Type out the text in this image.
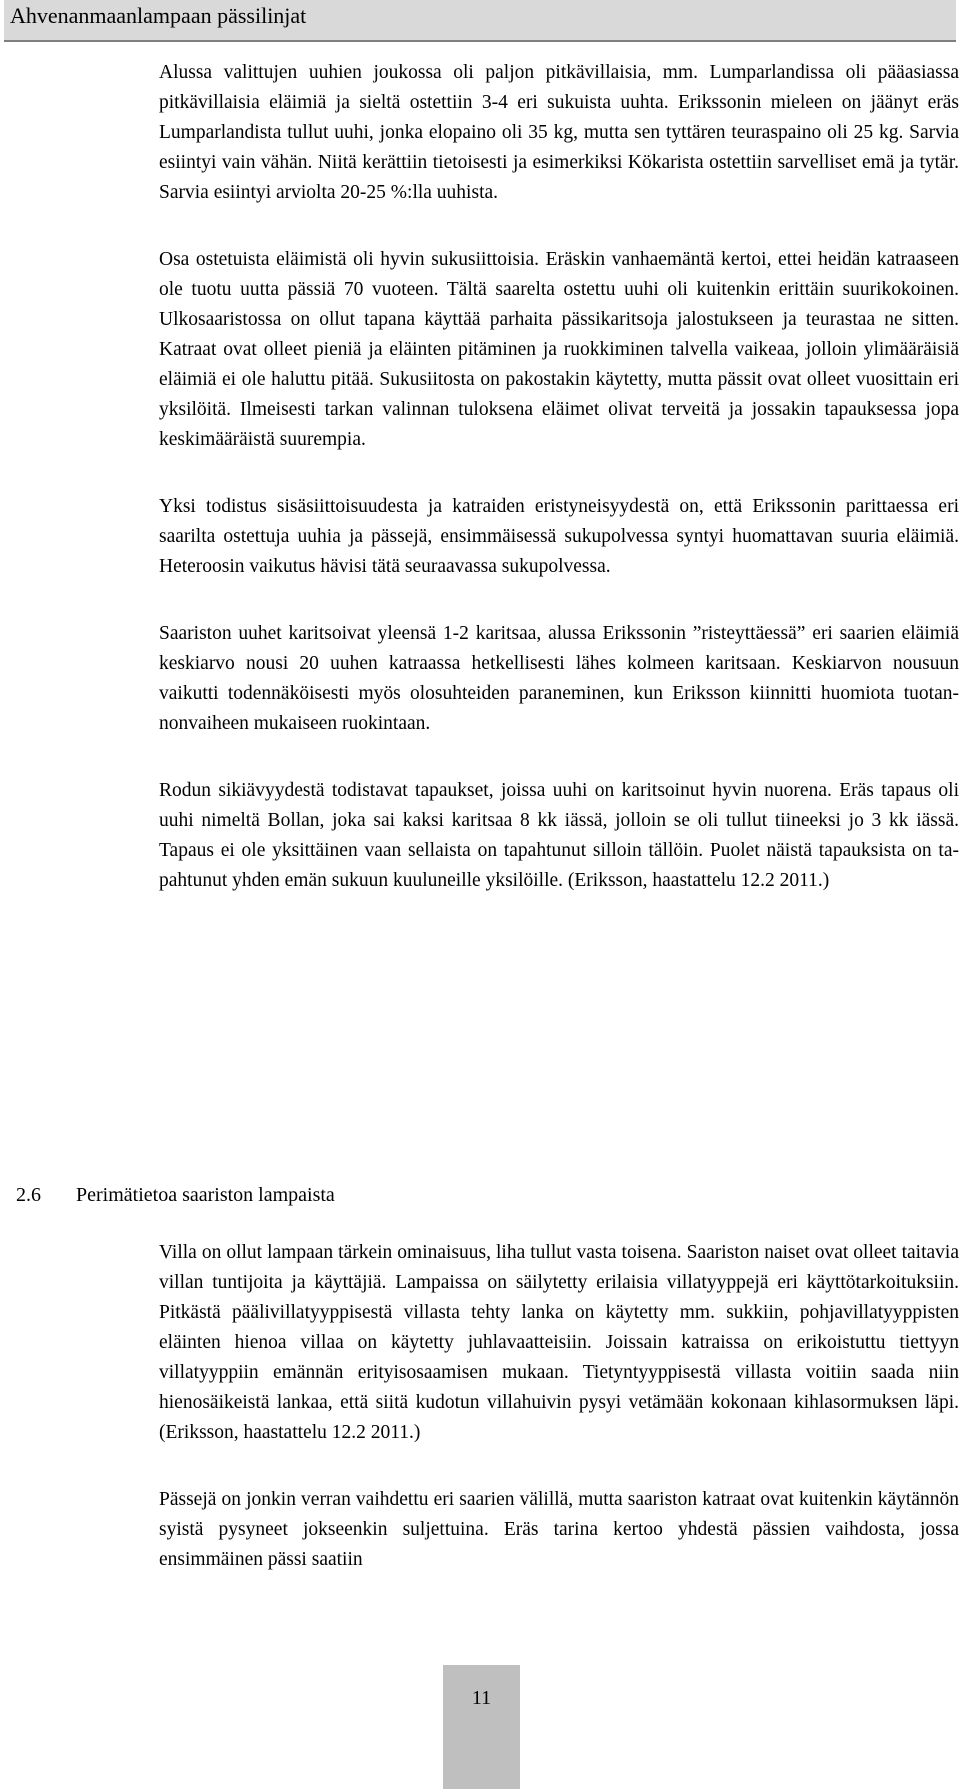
Ahvenanmaanlampaan pässilinjat

Alussa valittujen uuhien joukossa oli paljon pitkävillaisia, mm. Lumparlandissa oli pääasiassa pitkävillaisia eläimiä ja sieltä ostettiin 3-4 eri sukuista uuhta. Erikssonin mieleen on jäänyt eräs Lumparlandista tullut uuhi, jonka elopaino oli 35 kg, mutta sen tyttären teuraspaino oli 25 kg. Sarvia esiintyi vain vähän. Niitä kerättiin tietoisesti ja esimerkiksi Kökarista ostettiin sarvelliset emä ja tytär. Sarvia esiintyi arviolta 20-25 %:lla uuhista.

Osa ostetuista eläimistä oli hyvin sukusiittoisia. Eräskin vanhaemäntä kertoi, ettei heidän katraaseen ole tuotu uutta pässiä 70 vuoteen. Tältä saarelta ostettu uuhi oli kuitenkin erittäin suurikokoinen. Ulkosaaristossa on ollut tapana käyttää parhaita pässikaritsoja jalostukseen ja teurastaa ne sitten. Katraat ovat olleet pieniä ja eläinten pitäminen ja ruokkiminen talvella vaikeaa, jolloin ylimääräisiä eläimiä ei ole haluttu pitää. Sukusiitosta on pakostakin käytetty, mutta pässit ovat olleet vuosittain eri yksilöitä. Ilmeisesti tarkan valinnan tuloksena eläimet olivat terveitä ja jossakin tapauksessa jopa keskimääräistä suurempia.

Yksi todistus sisäsiittoisuudesta ja katraiden eristyneisyydestä on, että Erikssonin parittaessa eri saarilta ostettuja uuhia ja pässejä, ensimmäisessä sukupolvessa syntyi huomattavan suuria eläimiä. Heteroosin vaikutus hävisi tätä seuraavassa sukupolvessa.

Saariston uuhet karitsoivat yleensä 1-2 karitsaa, alussa Erikssonin ”risteyttäessä” eri saarien eläimiä keskiarvo nousi 20 uuhen katraassa hetkellisesti lähes kolmeen karitsaan. Keskiarvon nousuun vaikutti todennäköisesti myös olosuhteiden paraneminen, kun Eriksson kiinnitti huomiota tuotannonvaiheen mukaiseen ruokintaan.

Rodun sikiävyydestä todistavat tapaukset, joissa uuhi on karitsoinut hyvin nuorena. Eräs tapaus oli uuhi nimeltä Bollan, joka sai kaksi karitsaa 8 kk iässä, jolloin se oli tullut tiineeksi jo 3 kk iässä. Tapaus ei ole yksittäinen vaan sellaista on tapahtunut silloin tällöin. Puolet näistä tapauksista on tapahtunut yhden emän sukuun kuuluneille yksilöille. (Eriksson, haastattelu 12.2 2011.)

2.6	Perimätietoa saariston lampaista

Villa on ollut lampaan tärkein ominaisuus, liha tullut vasta toisena. Saariston naiset ovat olleet taitavia villan tuntijoita ja käyttäjiä. Lampaissa on säilytetty erilaisia villatyyppejä eri käyttötarkoituksiin. Pitkästä päälivillatyyppisestä villasta tehty lanka on käytetty mm. sukkiin, pohjavillatyyppisten eläinten hienoa villaa on käytetty juhlavaatteisiin. Joissain katraissa on erikoistuttu tiettyyn villatyyppiin emännän erityisosaamisen mukaan. Tietyntyyppisestä villasta voitiin saada niin hienosäikeistä lankaa, että siitä kudotun villahuivin pysyi vetämään kokonaan kihlasormuksen läpi. (Eriksson, haastattelu 12.2 2011.)

Pässejä on jonkin verran vaihdettu eri saarien välillä, mutta saariston katraat ovat kuitenkin käytännön syistä pysyneet jokseenkin suljettuina. Eräs tarina kertoo yhdestä pässien vaihdosta, jossa ensimmäinen pässi saatiin

11
